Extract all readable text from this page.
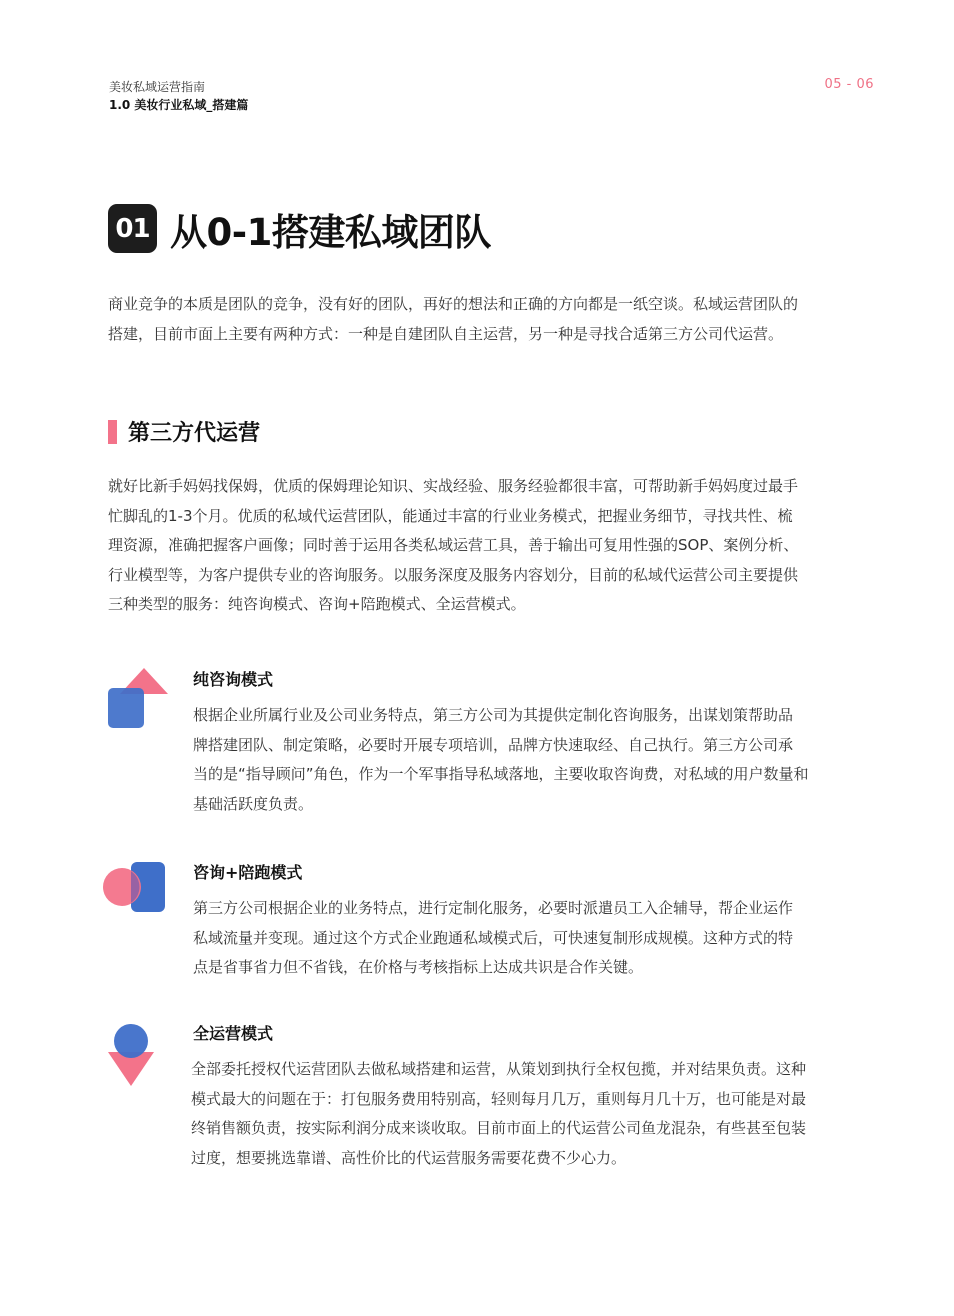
美妆私域运营指南
1.0 美妆行业私域_搭建篇
05 - 06
01 从0-1搭建私域团队
商业竞争的本质是团队的竞争，没有好的团队，再好的想法和正确的方向都是一纸空谈。私域运营团队的
搭建，目前市面上主要有两种方式：一种是自建团队自主运营，另一种是寻找合适第三方公司代运营。
第三方代运营
就好比新手妈妈找保姆，优质的保姆理论知识、实战经验、服务经验都很丰富，可帮助新手妈妈度过最手
忙脚乱的1-3个月。优质的私域代运营团队，能通过丰富的行业业务模式，把握业务细节，寻找共性、梳
理资源，准确把握客户画像；同时善于运用各类私域运营工具，善于输出可复用性强的SOP、案例分析、
行业模型等，为客户提供专业的咨询服务。以服务深度及服务内容划分，目前的私域代运营公司主要提供
三种类型的服务：纯咨询模式、咨询+陪跑模式、全运营模式。
纯咨询模式
根据企业所属行业及公司业务特点，第三方公司为其提供定制化咨询服务，出谋划策帮助品
牌搭建团队、制定策略，必要时开展专项培训，品牌方快速取经、自己执行。第三方公司承
当的是“指导顾问”角色，作为一个军事指导私域落地，主要收取咨询费，对私域的用户数量和
基础活跃度负责。
咨询+陪跑模式
第三方公司根据企业的业务特点，进行定制化服务，必要时派遣员工入企辅导，帮企业运作
私域流量并变现。通过这个方式企业跑通私域模式后，可快速复制形成规模。这种方式的特
点是省事省力但不省钱，在价格与考核指标上达成共识是合作关键。
全运营模式
全部委托授权代运营团队去做私域搭建和运营，从策划到执行全权包揽，并对结果负责。这种
模式最大的问题在于：打包服务费用特别高，轻则每月几万，重则每月几十万，也可能是对最
终销售额负责，按实际利润分成来谈收取。目前市面上的代运营公司鱼龙混杂，有些甚至包装
过度，想要挑选靠谱、高性价比的代运营服务需要花费不少心力。
